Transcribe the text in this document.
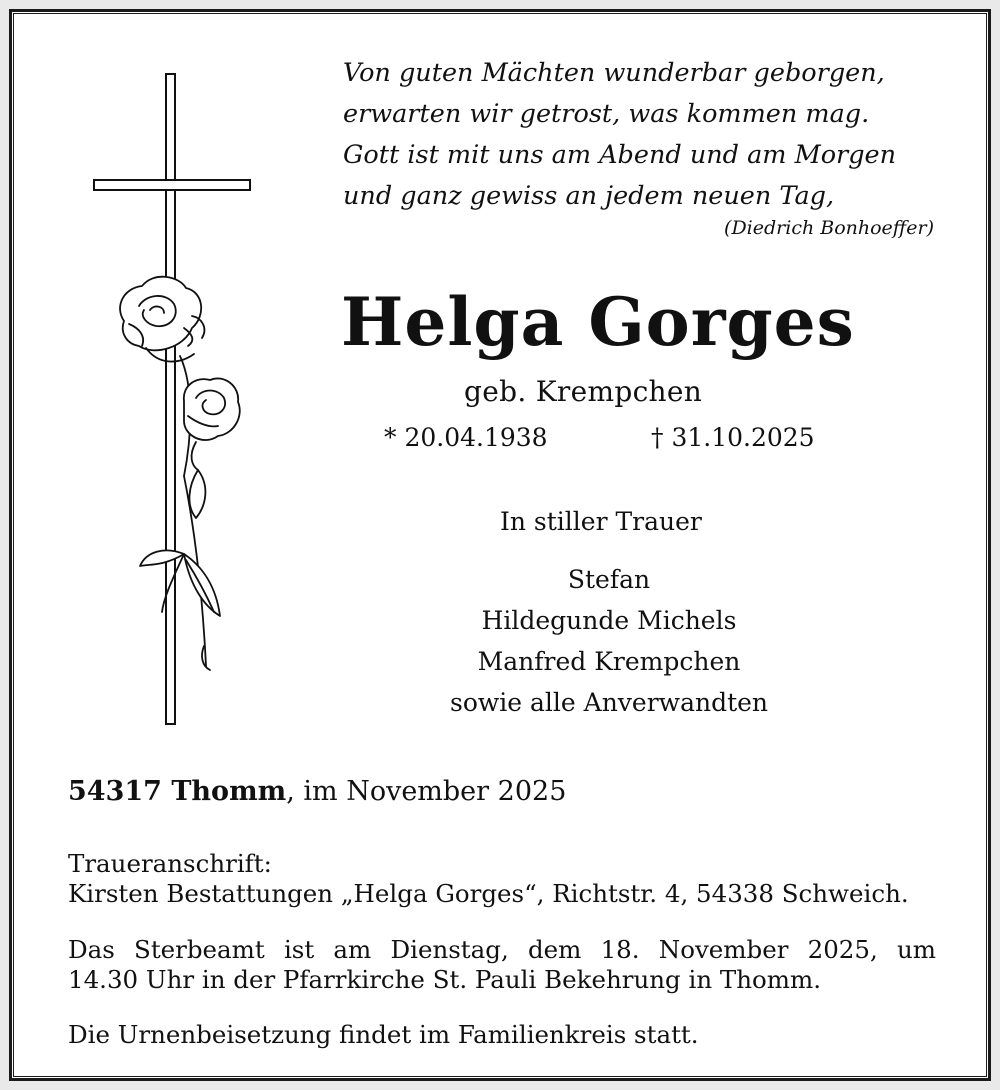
Von guten Mächten wunderbar geborgen,
erwarten wir getrost, was kommen mag.
Gott ist mit uns am Abend und am Morgen
und ganz gewiss an jedem neuen Tag,
(Diedrich Bonhoeffer)
Helga Gorges
geb. Krempchen
* 20.04.1938	† 31.10.2025
In stiller Trauer
Stefan
Hildegunde Michels
Manfred Krempchen
sowie alle Anverwandten
54317 Thomm, im November 2025
Traueranschrift:
Kirsten Bestattungen „Helga Gorges“, Richtstr. 4, 54338 Schweich.
Das Sterbeamt ist am Dienstag, dem 18. November 2025, um
14.30 Uhr in der Pfarrkirche St. Pauli Bekehrung in Thomm.
Die Urnenbeisetzung findet im Familienkreis statt.
